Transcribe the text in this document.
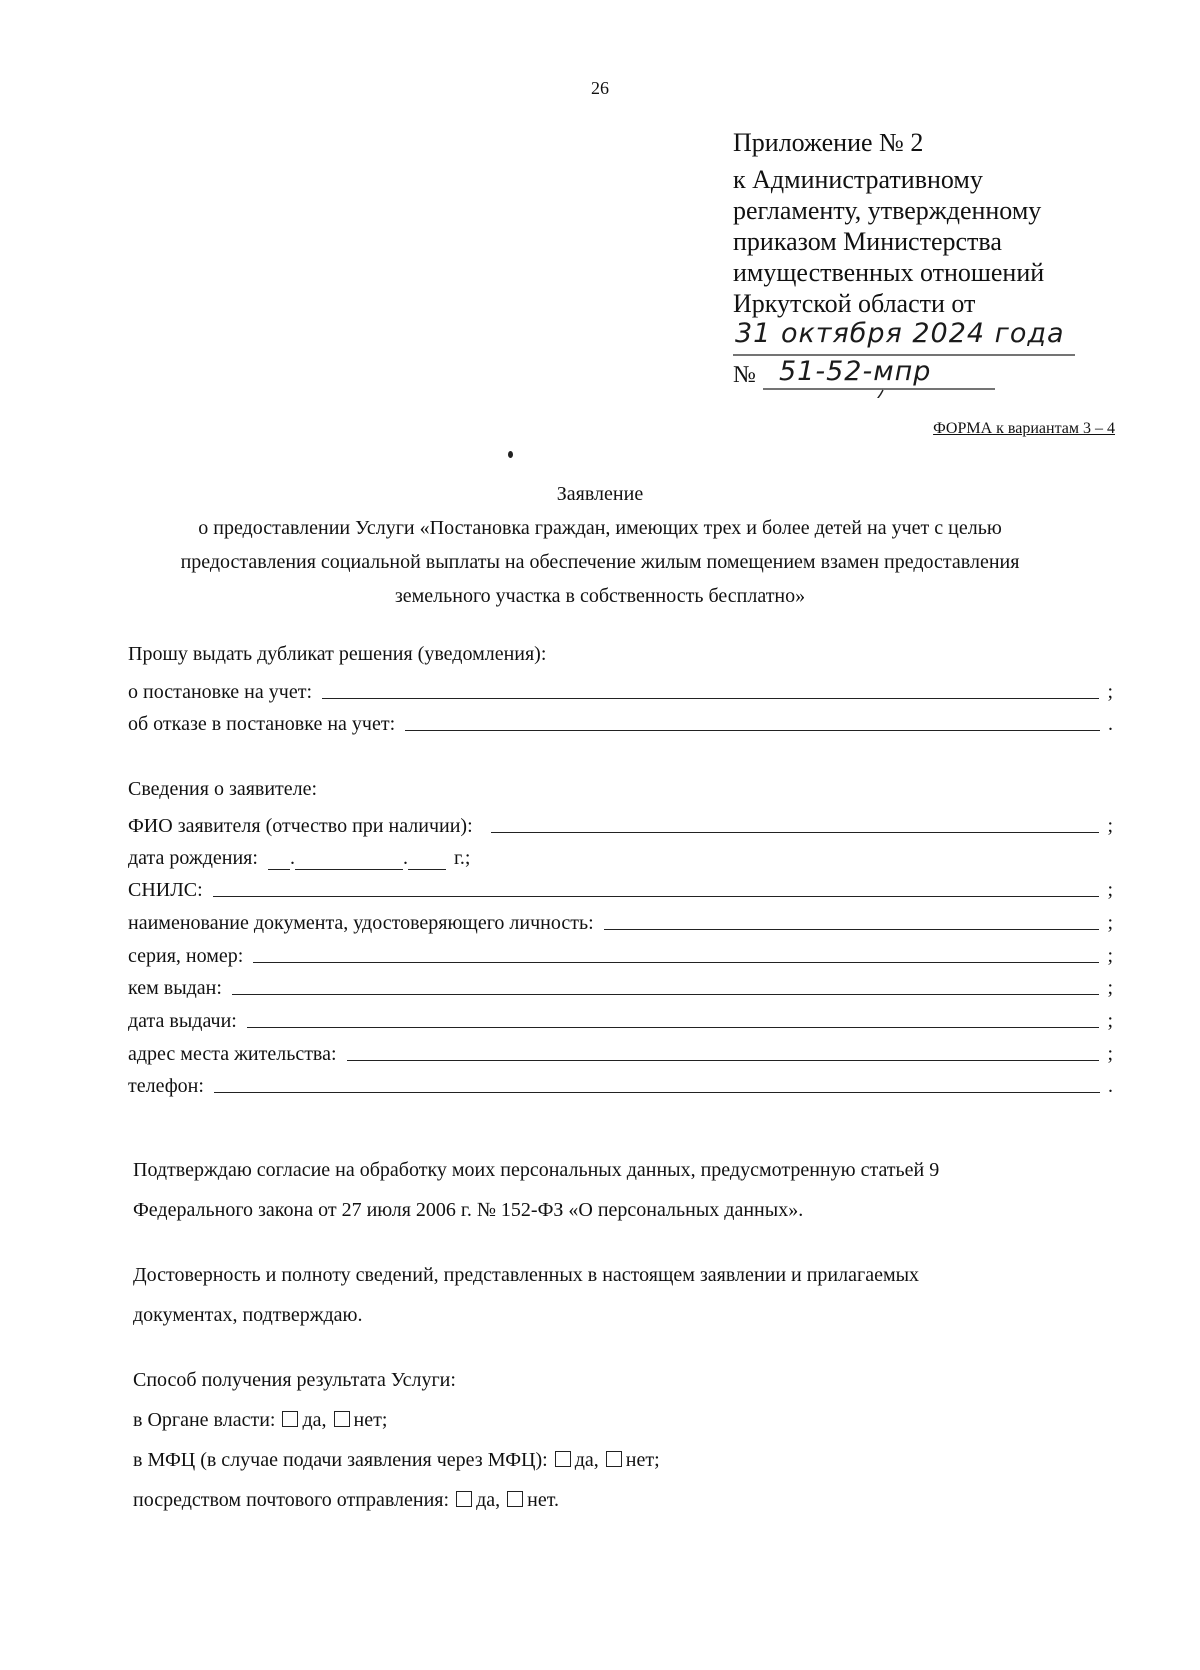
26
Приложение № 2
к Административному
регламенту, утвержденному
приказом Министерства
имущественных отношений
Иркутской области от
31 октября 2024 года
№ 51-52-мпр
ФОРМА к вариантам 3 – 4
Заявление
о предоставлении Услуги «Постановка граждан, имеющих трех и более детей на учет с целью
предоставления социальной выплаты на обеспечение жилым помещением взамен предоставления
земельного участка в собственность бесплатно»
Прошу выдать дубликат решения (уведомления):
о постановке на учет:	;
об отказе в постановке на учет:	.
Сведения о заявителе:
ФИО заявителя (отчество при наличии):	;
дата рождения: .	. г.;
СНИЛС:	;
наименование документа, удостоверяющего личность:	;
серия, номер:	;
кем выдан:	;
дата выдачи:	;
адрес места жительства:	;
телефон:	.
Подтверждаю согласие на обработку моих персональных данных, предусмотренную статьей 9
Федерального закона от 27 июля 2006 г. № 152-ФЗ «О персональных данных».
Достоверность и полноту сведений, представленных в настоящем заявлении и прилагаемых
документах, подтверждаю.
Способ получения результата Услуги:
в Органе власти: да, нет;
в МФЦ (в случае подачи заявления через МФЦ): да, нет;
посредством почтового отправления: да, нет.
